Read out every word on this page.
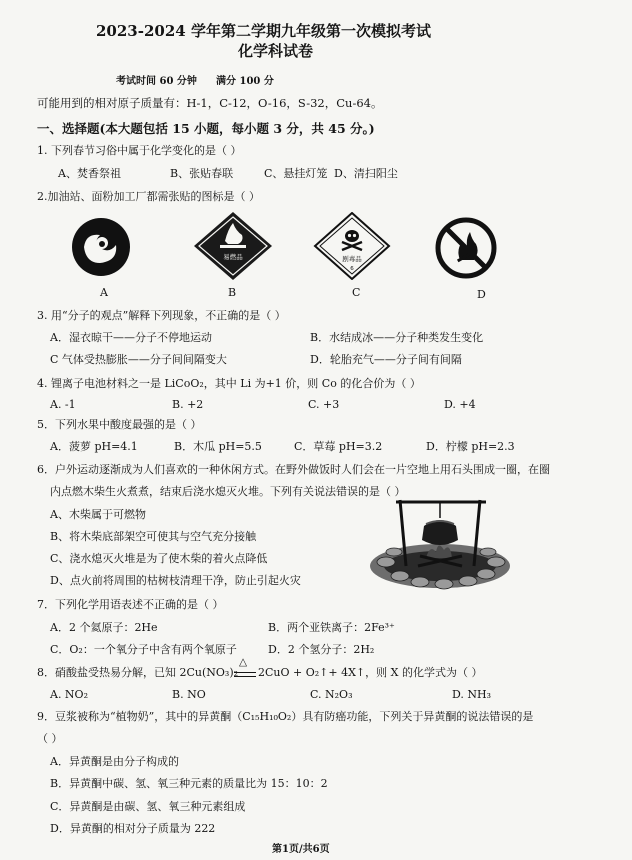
2023-2024 学年第二学期九年级第一次模拟考试
化学科试卷
考试时间 60 分钟 满分 100 分
可能用到的相对原子质量有：H-1，C-12，O-16，S-32，Cu-64。
一、选择题(本大题包括 15 小题，每小题 3 分，共 45 分。)
1. 下列春节习俗中属于化学变化的是（ ）
A、焚香祭祖	B、张贴春联	C、悬挂灯笼 D、清扫阳尘
2.加油站、面粉加工厂都需张贴的图标是（ ）
A
易燃品
B
剧毒品
6
C	D
3. 用“分子的观点”解释下列现象，不正确的是（ ）
A．湿衣晾干——分子不停地运动	B．水结成冰——分子种类发生变化
C 气体受热膨胀——分子间间隔变大	D．轮胎充气——分子间有间隔
4. 锂离子电池材料之一是 LiCoO₂，其中 Li 为+1 价，则 Co 的化合价为（ ）
A. -1	B. +2	C. +3	D. +4
5．下列水果中酸度最强的是（ ）
A．菠萝 pH=4.1	B．木瓜 pH=5.5	C．草莓 pH=3.2	D．柠檬 pH=2.3
6．户外运动逐渐成为人们喜欢的一种休闲方式。在野外做饭时人们会在一片空地上用石头围成一圈，在圈
内点燃木柴生火煮煮，结束后浇水熄灭火堆。下列有关说法错误的是（ ）
A、木柴属于可燃物
B、将木柴底部架空可使其与空气充分接触
C、浇水熄灭火堆是为了使木柴的着火点降低
D、点火前将周围的枯树枝清理干净，防止引起火灾
7．下列化学用语表述不正确的是（ ）
A．2 个氦原子：2He	B．两个亚铁离子：2Fe³⁺
C．O₂：一个氧分子中含有两个氧原子	D．2 个氢分子：2H₂
8．硝酸盐受热易分解，已知 2Cu(NO₃)₂
△
2CuO + O₂↑+ 4X↑，则 X 的化学式为（ ）
A. NO₂	B. NO	C. N₂O₃	D. NH₃
9．豆浆被称为“植物奶”，其中的异黄酮（C₁₅H₁₀O₂）具有防癌功能，下列关于异黄酮的说法错误的是
（ ）
A．异黄酮是由分子构成的
B．异黄酮中碳、氢、氧三种元素的质量比为 15：10：2
C．异黄酮是由碳、氢、氧三种元素组成
D．异黄酮的相对分子质量为 222
第1页/共6页
